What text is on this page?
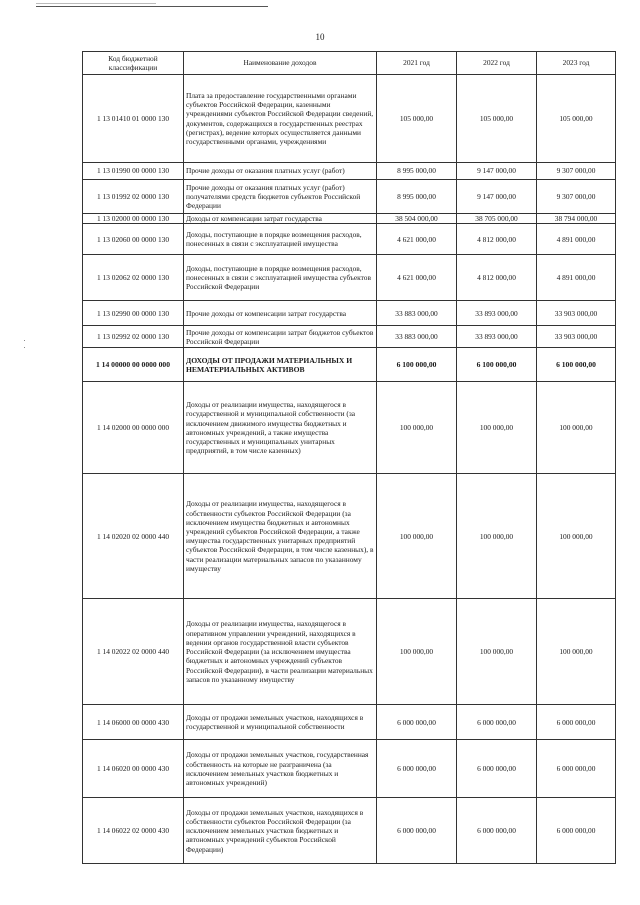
10
Код бюджетной классификации	Наименование доходов	2021 год	2022 год	2023 год
1 13 01410 01 0000 130	Плата за предоставление государственными органами субъектов Российской Федерации, казенными учреждениями субъектов Российской Федерации сведений, документов, содержащихся в государственных реестрах (регистрах), ведение которых осуществляется данными государственными органами, учреждениями	105 000,00	105 000,00	105 000,00
1 13 01990 00 0000 130	Прочие доходы от оказания платных услуг (работ)	8 995 000,00	9 147 000,00	9 307 000,00
1 13 01992 02 0000 130	Прочие доходы от оказания платных услуг (работ) получателями средств бюджетов субъектов Российской Федерации	8 995 000,00	9 147 000,00	9 307 000,00
1 13 02000 00 0000 130	Доходы от компенсации затрат государства	38 504 000,00	38 705 000,00	38 794 000,00
1 13 02060 00 0000 130	Доходы, поступающие в порядке возмещения расходов, понесенных в связи с эксплуатацией имущества	4 621 000,00	4 812 000,00	4 891 000,00
1 13 02062 02 0000 130	Доходы, поступающие в порядке возмещения расходов, понесенных в связи с эксплуатацией имущества субъектов Российской Федерации	4 621 000,00	4 812 000,00	4 891 000,00
1 13 02990 00 0000 130	Прочие доходы от компенсации затрат государства	33 883 000,00	33 893 000,00	33 903 000,00
1 13 02992 02 0000 130	Прочие доходы от компенсации затрат бюджетов субъектов Российской Федерации	33 883 000,00	33 893 000,00	33 903 000,00
1 14 00000 00 0000 000	ДОХОДЫ ОТ ПРОДАЖИ МАТЕРИАЛЬНЫХ И НЕМАТЕРИАЛЬНЫХ АКТИВОВ	6 100 000,00	6 100 000,00	6 100 000,00
1 14 02000 00 0000 000	Доходы от реализации имущества, находящегося в государственной и муниципальной собственности (за исключением движимого имущества бюджетных и автономных учреждений, а также имущества государственных и муниципальных унитарных предприятий, в том числе казенных)	100 000,00	100 000,00	100 000,00
1 14 02020 02 0000 440	Доходы от реализации имущества, находящегося в собственности субъектов Российской Федерации (за исключением имущества бюджетных и автономных учреждений субъектов Российской Федерации, а также имущества государственных унитарных предприятий субъектов Российской Федерации, в том числе казенных), в части реализации материальных запасов по указанному имуществу	100 000,00	100 000,00	100 000,00
1 14 02022 02 0000 440	Доходы от реализации имущества, находящегося в оперативном управлении учреждений, находящихся в ведении органов государственной власти субъектов Российской Федерации (за исключением имущества бюджетных и автономных учреждений субъектов Российской Федерации), в части реализации материальных запасов по указанному имуществу	100 000,00	100 000,00	100 000,00
1 14 06000 00 0000 430	Доходы от продажи земельных участков, находящихся в государственной и муниципальной собственности	6 000 000,00	6 000 000,00	6 000 000,00
1 14 06020 00 0000 430	Доходы от продажи земельных участков, государственная собственность на которые не разграничена (за исключением земельных участков бюджетных и автономных учреждений)	6 000 000,00	6 000 000,00	6 000 000,00
1 14 06022 02 0000 430	Доходы от продажи земельных участков, находящихся в собственности субъектов Российской Федерации (за исключением земельных участков бюджетных и автономных учреждений субъектов Российской Федерации)	6 000 000,00	6 000 000,00	6 000 000,00
